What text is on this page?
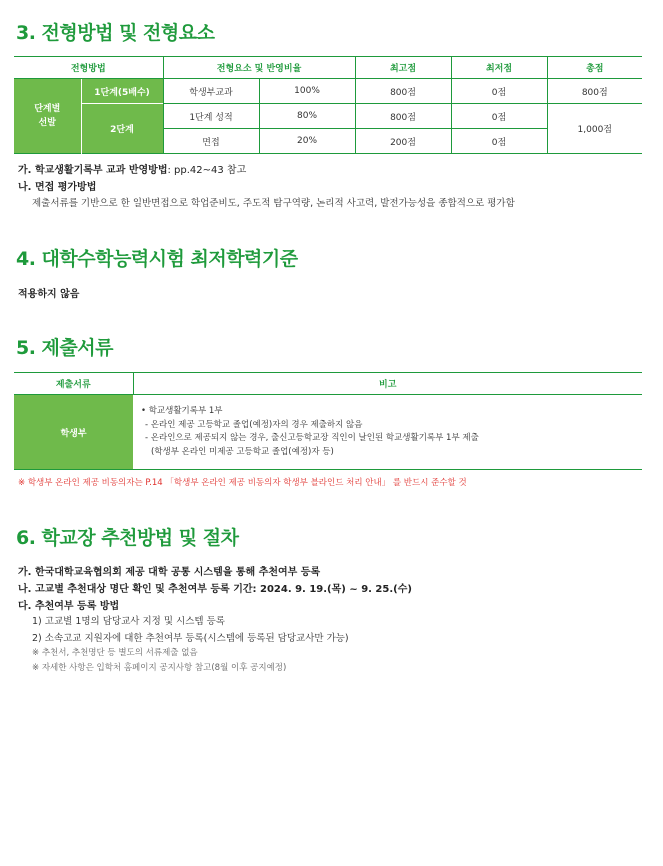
3. 전형방법 및 전형요소
전형방법		전형요소 및 반영비율		최고점	최저점	총점
단계별
선발	1단계(5배수)	학생부교과	100%	800점	0점	800점
	2단계	1단계 성적	80%	800점	0점	1,000점
		면접	20%	200점	0점	

가. 학교생활기록부 교과 반영방법: pp.42~43 참고

나. 면접 평가방법

제출서류를 기반으로 한 일반면접으로 학업준비도, 주도적 탐구역량, 논리적 사고력, 발전가능성을 종합적으로 평가함

4. 대학수학능력시험 최저학력기준

적용하지 않음

5. 제출서류
제출서류	비고
학생부	• 학교생활기록부 1부
- 온라인 제공 고등학교 졸업(예정)자의 경우 제출하지 않음
- 온라인으로 제공되지 않는 경우, 출신고등학교장 직인이 날인된 학교생활기록부 1부 제출
(학생부 온라인 미제공 고등학교 졸업(예정)자 등)

※ 학생부 온라인 제공 비동의자는 P.14 「학생부 온라인 제공 비동의자 학생부 블라인드 처리 안내」 를 반드시 준수할 것

6. 학교장 추천방법 및 절차

가. 한국대학교육협의회 제공 대학 공통 시스템을 통해 추천여부 등록

나. 고교별 추천대상 명단 확인 및 추천여부 등록 기간: 2024. 9. 19.(목) ~ 9. 25.(수)

다. 추천여부 등록 방법

1) 고교별 1명의 담당교사 지정 및 시스템 등록

2) 소속고교 지원자에 대한 추천여부 등록(시스템에 등록된 담당교사만 가능)

※ 추천서, 추천명단 등 별도의 서류제출 없음

※ 자세한 사항은 입학처 홈페이지 공지사항 참고(8월 이후 공지예정)
